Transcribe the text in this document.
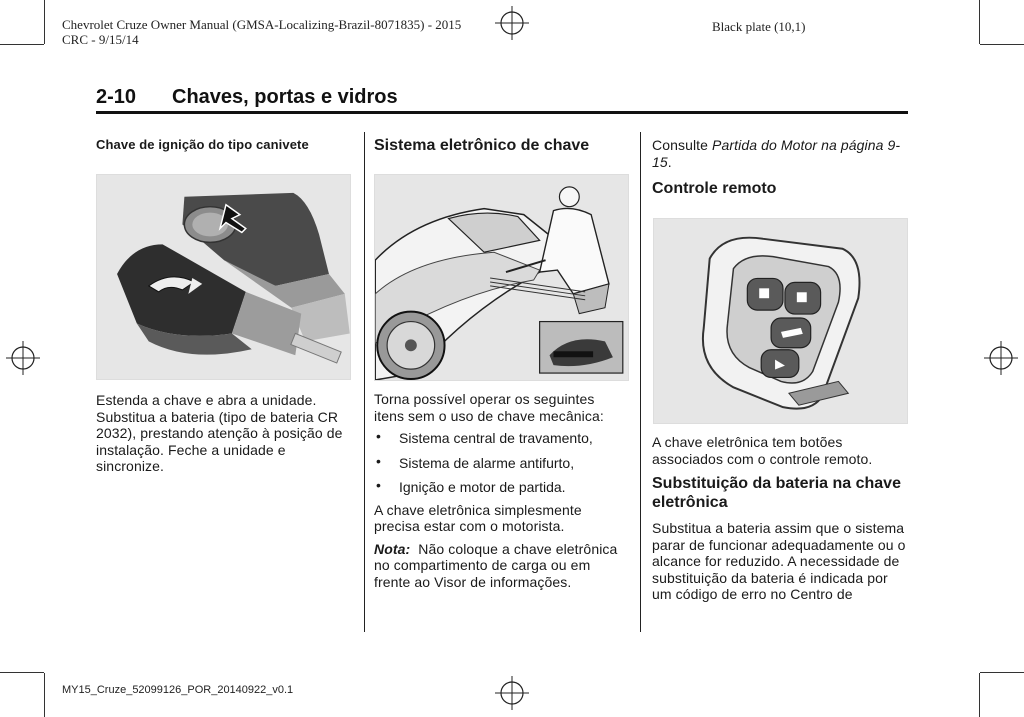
Chevrolet Cruze Owner Manual (GMSA-Localizing-Brazil-8071835) - 2015
CRC - 9/15/14
Black plate (10,1)
2-10 Chaves, portas e vidros
Chave de ignição do tipo canivete
Estenda a chave e abra a unidade. Substitua a bateria (tipo de bateria CR 2032), prestando atenção à posição de instalação. Feche a unidade e sincronize.
Sistema eletrônico de chave
Torna possível operar os seguintes itens sem o uso de chave mecânica:
• Sistema central de travamento,
• Sistema de alarme antifurto,
• Ignição e motor de partida.
A chave eletrônica simplesmente precisa estar com o motorista.
Nota: Não coloque a chave eletrônica no compartimento de carga ou em frente ao Visor de informações.
Consulte Partida do Motor na página 9-15.
Controle remoto
A chave eletrônica tem botões associados com o controle remoto.
Substituição da bateria na chave eletrônica
Substitua a bateria assim que o sistema parar de funcionar adequadamente ou o alcance for reduzido. A necessidade de substituição da bateria é indicada por um código de erro no Centro de
MY15_Cruze_52099126_POR_20140922_v0.1
